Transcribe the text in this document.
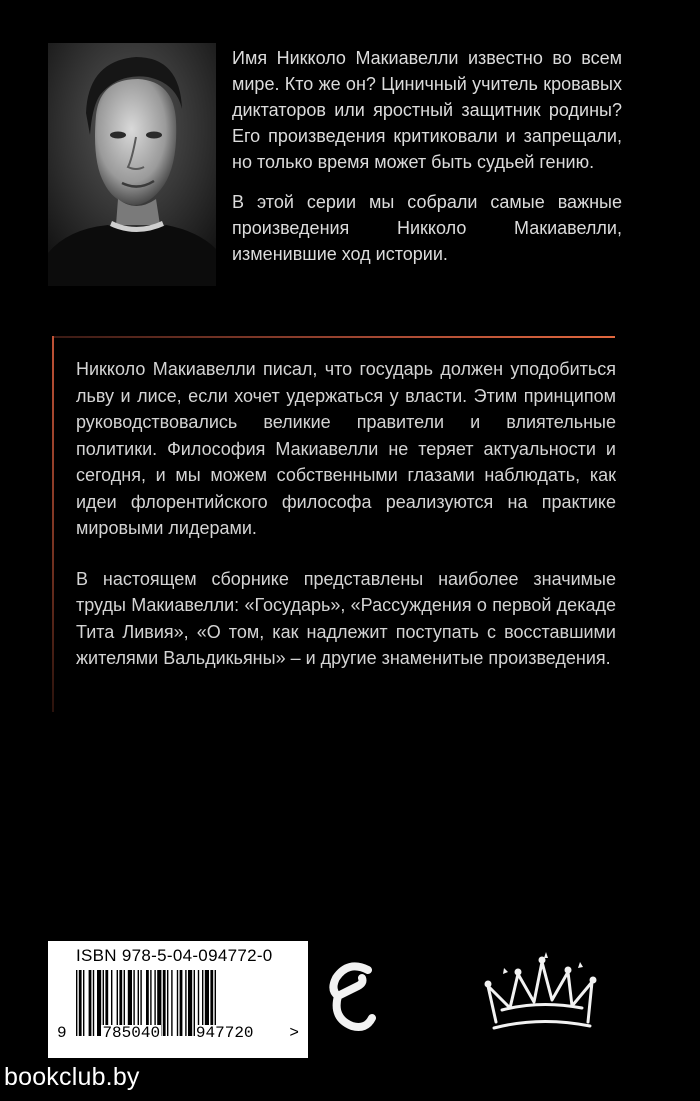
Имя Никколо Макиавелли известно во всем мире. Кто же он? Циничный учитель кровавых диктаторов или яростный защитник родины? Его произведения критиковали и запрещали, но только время может быть судьей гению.

В этой серии мы собрали самые важные произведения Никколо Макиавелли, изменившие ход истории.

Никколо Макиавелли писал, что государь должен уподобиться льву и лисе, если хочет удержаться у власти. Этим принципом руководствовались великие правители и влиятельные политики. Философия Макиавелли не теряет актуальности и сегодня, и мы можем собственными глазами наблюдать, как идеи флорентийского философа реализуются на практике мировыми лидерами.

В настоящем сборнике представлены наиболее значимые труды Макиавелли: «Государь», «Рассуждения о первой декаде Тита Ливия», «О том, как надлежит поступать с восставшими жителями Вальдикьяны» – и другие знаменитые произведения.

ISBN 978-5-04-094772-0
9 785040 947720 >
bookclub.by
